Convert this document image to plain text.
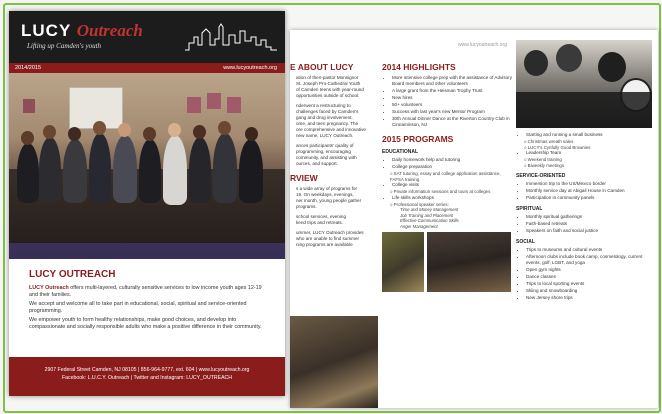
www.lucyoutreach.org
E ABOUT LUCY
ation of then-pastor Monsignor
St. Joseph Pro-Cathedral Youth
of Camden teens with year-round
opportunities outside of school.
nderwent a restructuring to
challenges faced by Camden's
gang and drug involvement,
ome, and teen pregnancy. The
ore comprehensive and innovative
new name, LUCY Outreach.
ances participants' quality of
programming, encouraging
community, and assisting with
ources, and support.
RVIEW
s a wide array of programs for
19. On weekdays, evenings,
ner month, young people gather
programs.
school services, evening
kend trips and retreats.
ummer, LUCY Outreach provides
who are unable to find summer
ning programs are available
2014 HIGHLIGHTS
• More intensive college prep with the assistance of Advisory Board members and other volunteers
• A large grant from the Heisman Trophy Trust
• New hires
• 50+ volunteers
• Success with last year's new Mentor Program
• 30th Annual Dinner Dance at the Riverton Country Club in Cinnaminson, NJ
2015 PROGRAMS
EDUCATIONAL
• Daily homework help and tutoring
• College preparation
o SAT tutoring, essay and college application assistance, FAFSA training
• College visits
o Private information sessions and tours at colleges
• Life skills workshops
o Professional speaker series:
Time and Money Management
Job Training and Placement
Effective Communication Skills
Anger Management
• Starting and running a small business
o Christmas wreath sales
o LUCY's Cynfully Good Brownies
• Leadership Team
o Weekend training
o Biweekly meetings
SERVICE-ORIENTED
• Immersion trip to the US/Mexico border
• Monthly service day at Abigail House in Camden
• Participation in community panels
SPIRITUAL
• Monthly spiritual gatherings
• Faith-based retreats
• Speakers on faith and social justice
SOCIAL
• Trips to museums and cultural events
• Afternoon clubs include book camp, cosmetology, current events, golf, LGBT, and yoga
• Open gym nights
• Dance classes
• Trips to local sporting events
• Skiing and snowboarding
• New Jersey shore trips
LUCY Outreach
Lifting up Camden's youth
2014/2015	www.lucyoutreach.org
LUCY OUTREACH

LUCY Outreach offers multi-layered, culturally sensitive services to low income youth ages 12-19 and their families.

We accept and welcome all to take part in educational, social, spiritual and service-oriented programming.

We empower youth to form healthy relationships, make good choices, and develop into compassionate and socially responsible adults who make a positive difference in their community.

2907 Federal Street Camden, NJ 08105 | 856-964-9777, ext. 604 | www.lucyoutreach.org
Facebook: L.U.C.Y. Outreach | Twitter and Instagram: LUCY_OUTREACH
